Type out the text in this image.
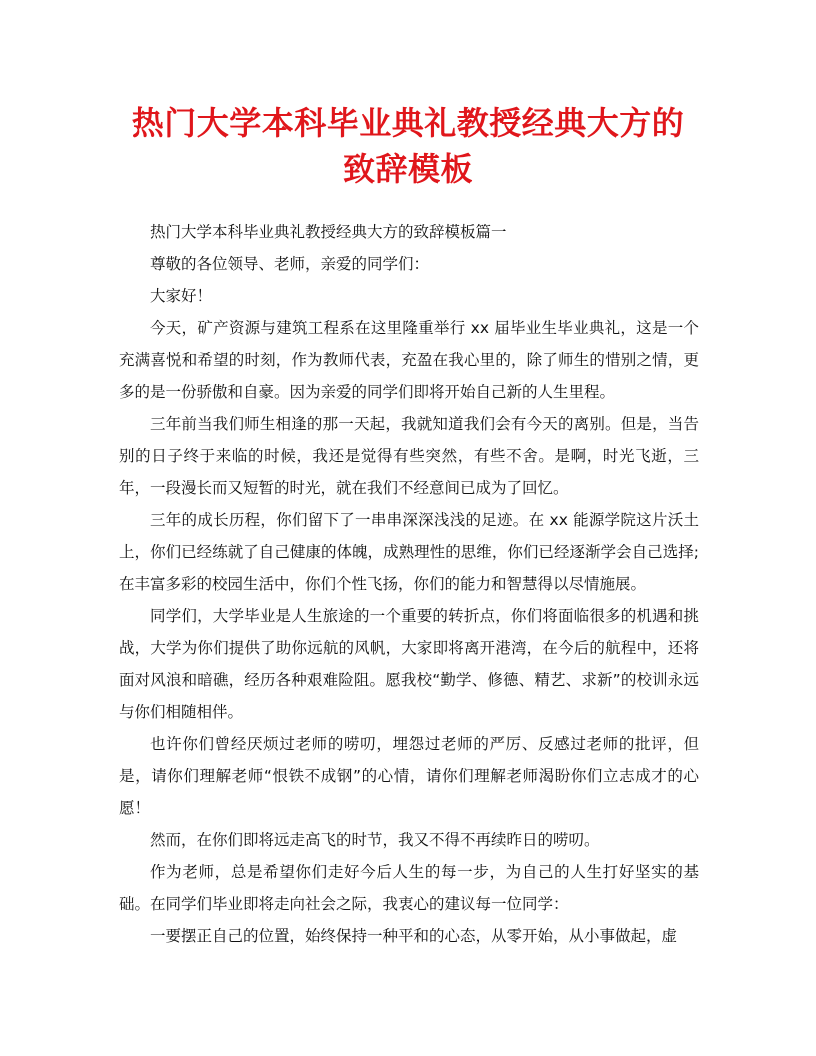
热门大学本科毕业典礼教授经典大方的
致辞模板

热门大学本科毕业典礼教授经典大方的致辞模板篇一

尊敬的各位领导、老师，亲爱的同学们：

大家好！

今天，矿产资源与建筑工程系在这里隆重举行 xx 届毕业生毕业典礼，这是一个充满喜悦和希望的时刻，作为教师代表，充盈在我心里的，除了师生的惜别之情，更多的是一份骄傲和自豪。因为亲爱的同学们即将开始自己新的人生里程。

三年前当我们师生相逢的那一天起，我就知道我们会有今天的离别。但是，当告别的日子终于来临的时候，我还是觉得有些突然，有些不舍。是啊，时光飞逝，三年，一段漫长而又短暂的时光，就在我们不经意间已成为了回忆。

三年的成长历程，你们留下了一串串深深浅浅的足迹。在 xx 能源学院这片沃土上，你们已经练就了自己健康的体魄，成熟理性的思维，你们已经逐渐学会自己选择;在丰富多彩的校园生活中，你们个性飞扬，你们的能力和智慧得以尽情施展。

同学们，大学毕业是人生旅途的一个重要的转折点，你们将面临很多的机遇和挑战，大学为你们提供了助你远航的风帆，大家即将离开港湾，在今后的航程中，还将面对风浪和暗礁，经历各种艰难险阻。愿我校“勤学、修德、精艺、求新”的校训永远与你们相随相伴。

也许你们曾经厌烦过老师的唠叨，埋怨过老师的严厉、反感过老师的批评，但是，请你们理解老师“恨铁不成钢”的心情，请你们理解老师渴盼你们立志成才的心愿！

然而，在你们即将远走高飞的时节，我又不得不再续昨日的唠叨。

作为老师，总是希望你们走好今后人生的每一步，为自己的人生打好坚实的基础。在同学们毕业即将走向社会之际，我衷心的建议每一位同学：

一要摆正自己的位置，始终保持一种平和的心态，从零开始，从小事做起，虚
